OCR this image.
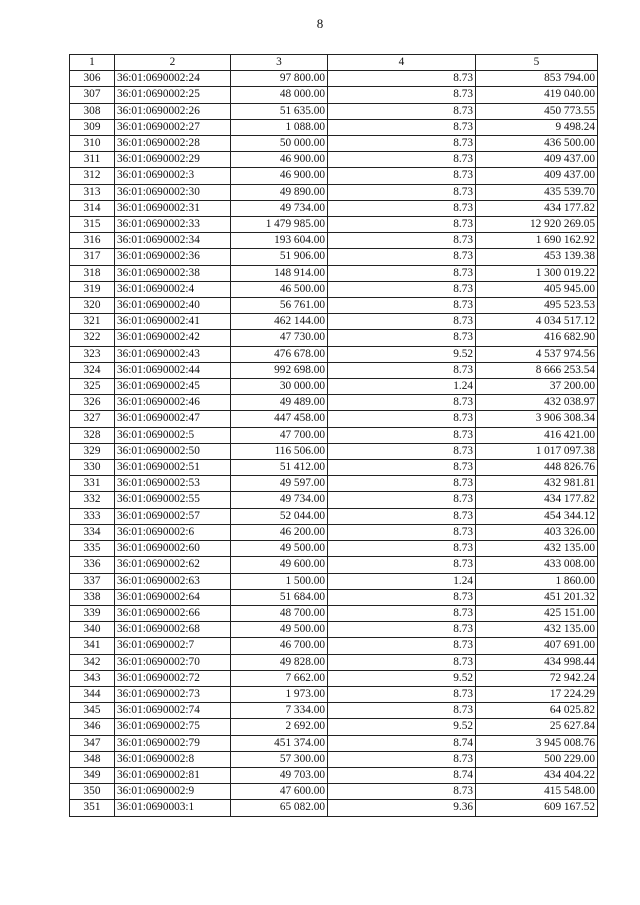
8
1	2	3	4	5
306	36:01:0690002:24	97 800.00	8.73	853 794.00
307	36:01:0690002:25	48 000.00	8.73	419 040.00
308	36:01:0690002:26	51 635.00	8.73	450 773.55
309	36:01:0690002:27	1 088.00	8.73	9 498.24
310	36:01:0690002:28	50 000.00	8.73	436 500.00
311	36:01:0690002:29	46 900.00	8.73	409 437.00
312	36:01:0690002:3	46 900.00	8.73	409 437.00
313	36:01:0690002:30	49 890.00	8.73	435 539.70
314	36:01:0690002:31	49 734.00	8.73	434 177.82
315	36:01:0690002:33	1 479 985.00	8.73	12 920 269.05
316	36:01:0690002:34	193 604.00	8.73	1 690 162.92
317	36:01:0690002:36	51 906.00	8.73	453 139.38
318	36:01:0690002:38	148 914.00	8.73	1 300 019.22
319	36:01:0690002:4	46 500.00	8.73	405 945.00
320	36:01:0690002:40	56 761.00	8.73	495 523.53
321	36:01:0690002:41	462 144.00	8.73	4 034 517.12
322	36:01:0690002:42	47 730.00	8.73	416 682.90
323	36:01:0690002:43	476 678.00	9.52	4 537 974.56
324	36:01:0690002:44	992 698.00	8.73	8 666 253.54
325	36:01:0690002:45	30 000.00	1.24	37 200.00
326	36:01:0690002:46	49 489.00	8.73	432 038.97
327	36:01:0690002:47	447 458.00	8.73	3 906 308.34
328	36:01:0690002:5	47 700.00	8.73	416 421.00
329	36:01:0690002:50	116 506.00	8.73	1 017 097.38
330	36:01:0690002:51	51 412.00	8.73	448 826.76
331	36:01:0690002:53	49 597.00	8.73	432 981.81
332	36:01:0690002:55	49 734.00	8.73	434 177.82
333	36:01:0690002:57	52 044.00	8.73	454 344.12
334	36:01:0690002:6	46 200.00	8.73	403 326.00
335	36:01:0690002:60	49 500.00	8.73	432 135.00
336	36:01:0690002:62	49 600.00	8.73	433 008.00
337	36:01:0690002:63	1 500.00	1.24	1 860.00
338	36:01:0690002:64	51 684.00	8.73	451 201.32
339	36:01:0690002:66	48 700.00	8.73	425 151.00
340	36:01:0690002:68	49 500.00	8.73	432 135.00
341	36:01:0690002:7	46 700.00	8.73	407 691.00
342	36:01:0690002:70	49 828.00	8.73	434 998.44
343	36:01:0690002:72	7 662.00	9.52	72 942.24
344	36:01:0690002:73	1 973.00	8.73	17 224.29
345	36:01:0690002:74	7 334.00	8.73	64 025.82
346	36:01:0690002:75	2 692.00	9.52	25 627.84
347	36:01:0690002:79	451 374.00	8.74	3 945 008.76
348	36:01:0690002:8	57 300.00	8.73	500 229.00
349	36:01:0690002:81	49 703.00	8.74	434 404.22
350	36:01:0690002:9	47 600.00	8.73	415 548.00
351	36:01:0690003:1	65 082.00	9.36	609 167.52
